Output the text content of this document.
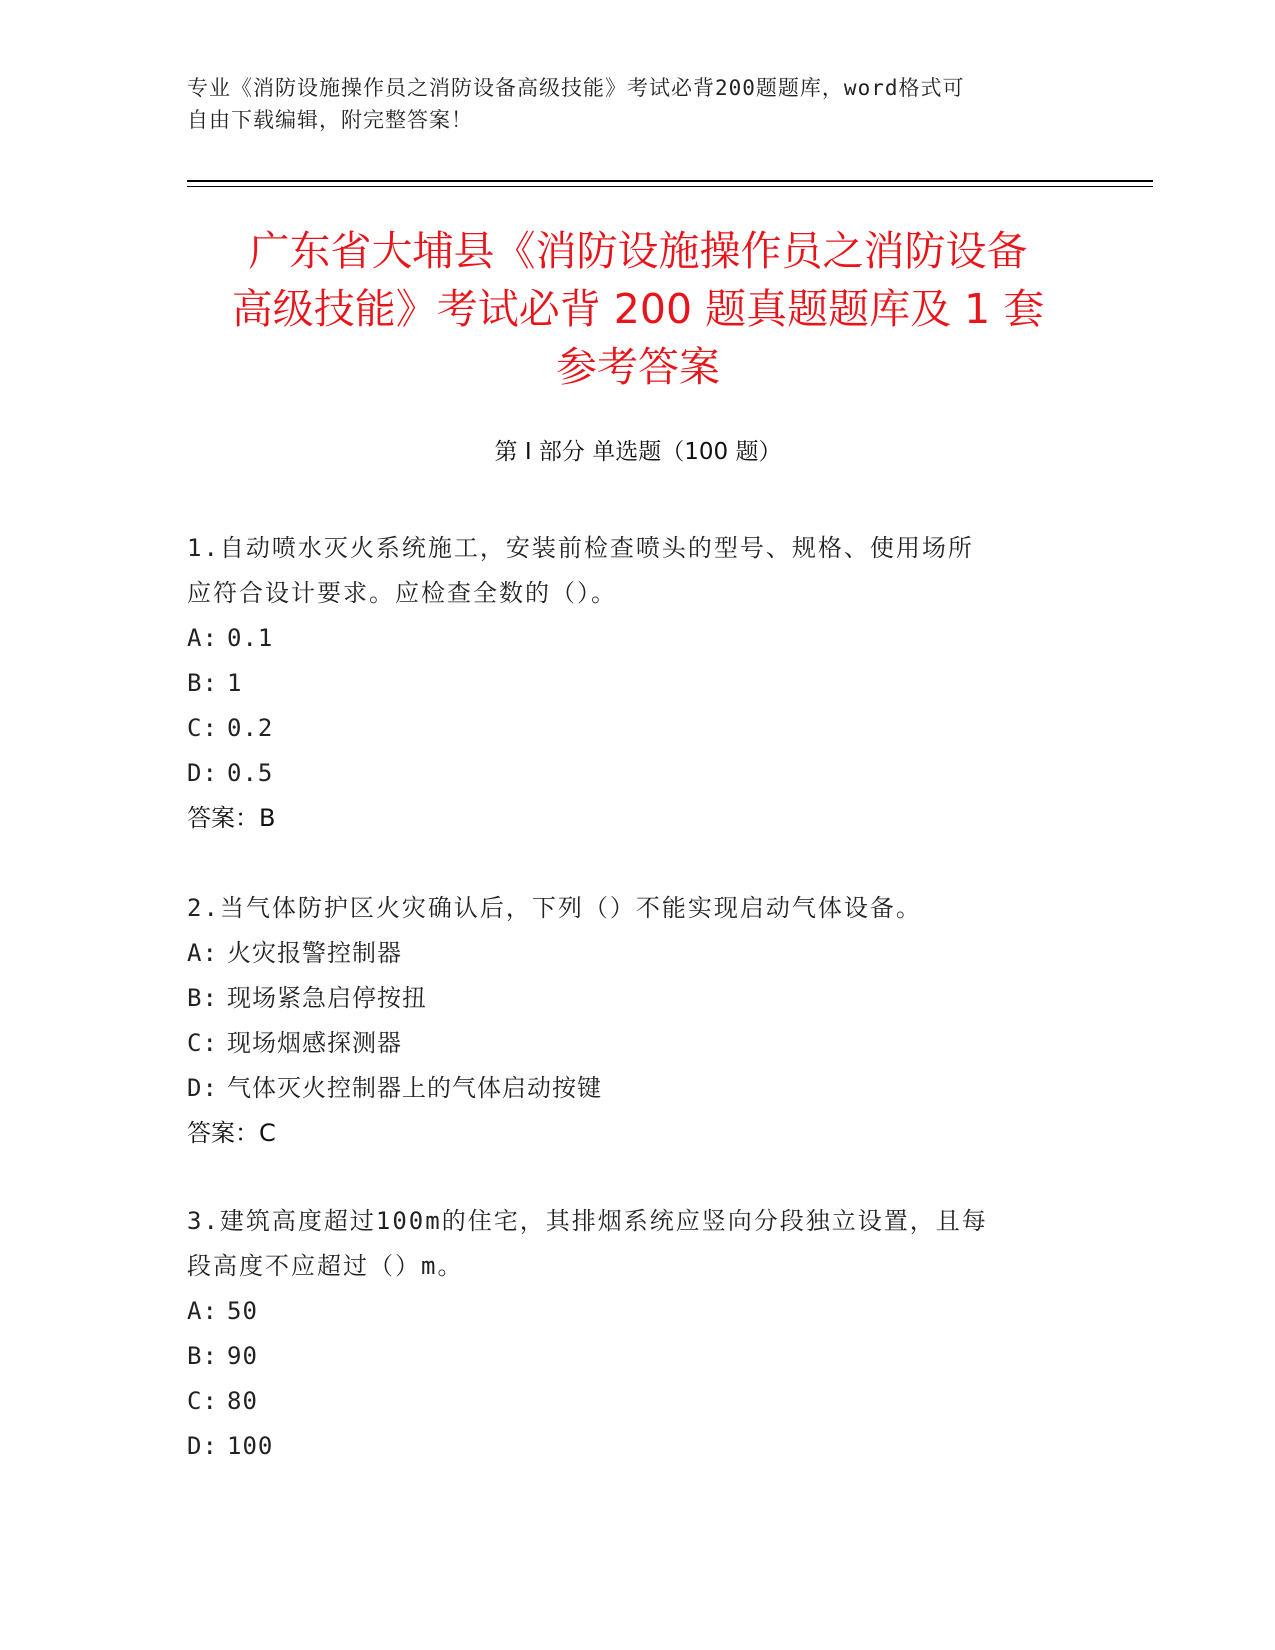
专业《消防设施操作员之消防设备高级技能》考试必背200题题库，word格式可
自由下载编辑，附完整答案！
广东省大埔县《消防设施操作员之消防设备
高级技能》考试必背 200 题真题题库及 1 套
参考答案
第 I 部分 单选题（100 题）

1.自动喷水灭火系统施工，安装前检查喷头的型号、规格、使用场所
应符合设计要求。应检查全数的（）。

A: 0.1

B: 1

C: 0.2

D: 0.5

答案：B

2.当气体防护区火灾确认后，下列（）不能实现启动气体设备。

A: 火灾报警控制器

B: 现场紧急启停按扭

C: 现场烟感探测器

D: 气体灭火控制器上的气体启动按键

答案：C

3.建筑高度超过100m的住宅，其排烟系统应竖向分段独立设置，且每
段高度不应超过（）m。

A: 50

B: 90

C: 80

D: 100
